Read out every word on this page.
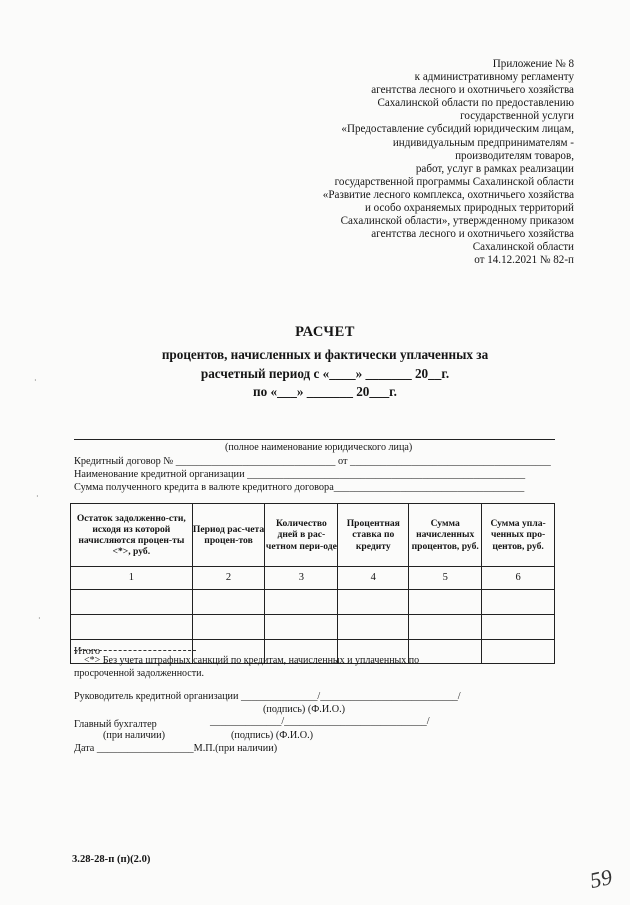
Приложение № 8
к административному регламенту
агентства лесного и охотничьего хозяйства
Сахалинской области по предоставлению
государственной услуги
«Предоставление субсидий юридическим лицам,
индивидуальным предпринимателям -
производителям товаров,
работ, услуг в рамках реализации
государственной программы Сахалинской области
«Развитие лесного комплекса, охотничьего хозяйства
и особо охраняемых природных территорий
Сахалинской области», утвержденному приказом
агентства лесного и охотничьего хозяйства
Сахалинской области
от 14.12.2021 № 82-п
РАСЧЕТ
процентов, начисленных и фактически уплаченных за
расчетный период с «____» _______ 20__г.
по «___» _______ 20___г.
(полное наименование юридического лица)
Кредитный договор № _______________________________ от _______________________________________
Наименование кредитной организации ______________________________________________________
Сумма полученного кредита в валюте кредитного договора_____________________________________
Остаток задолженно-сти, исходя из которой начисляются процен-ты <*>, руб.	Период рас-чета процен-тов	Количество дней в рас-четном пери-оде	Процентная ставка по кредиту	Сумма начисленных процентов, руб.	Сумма упла-ченных про-центов, руб.
1	2	3	4	5	6

Итого					
<*> Без учета штрафных санкций по кредитам, начисленных и уплаченных по
просроченной задолженности.
Руководитель кредитной организации _______________/___________________________/
(подпись) (Ф.И.О.)
Главный бухгалтер	______________/____________________________/
(при наличии)	(подпись) (Ф.И.О.)
Дата ___________________М.П.(при наличии)
3.28-28-п (п)(2.0)
59
·
·
·
